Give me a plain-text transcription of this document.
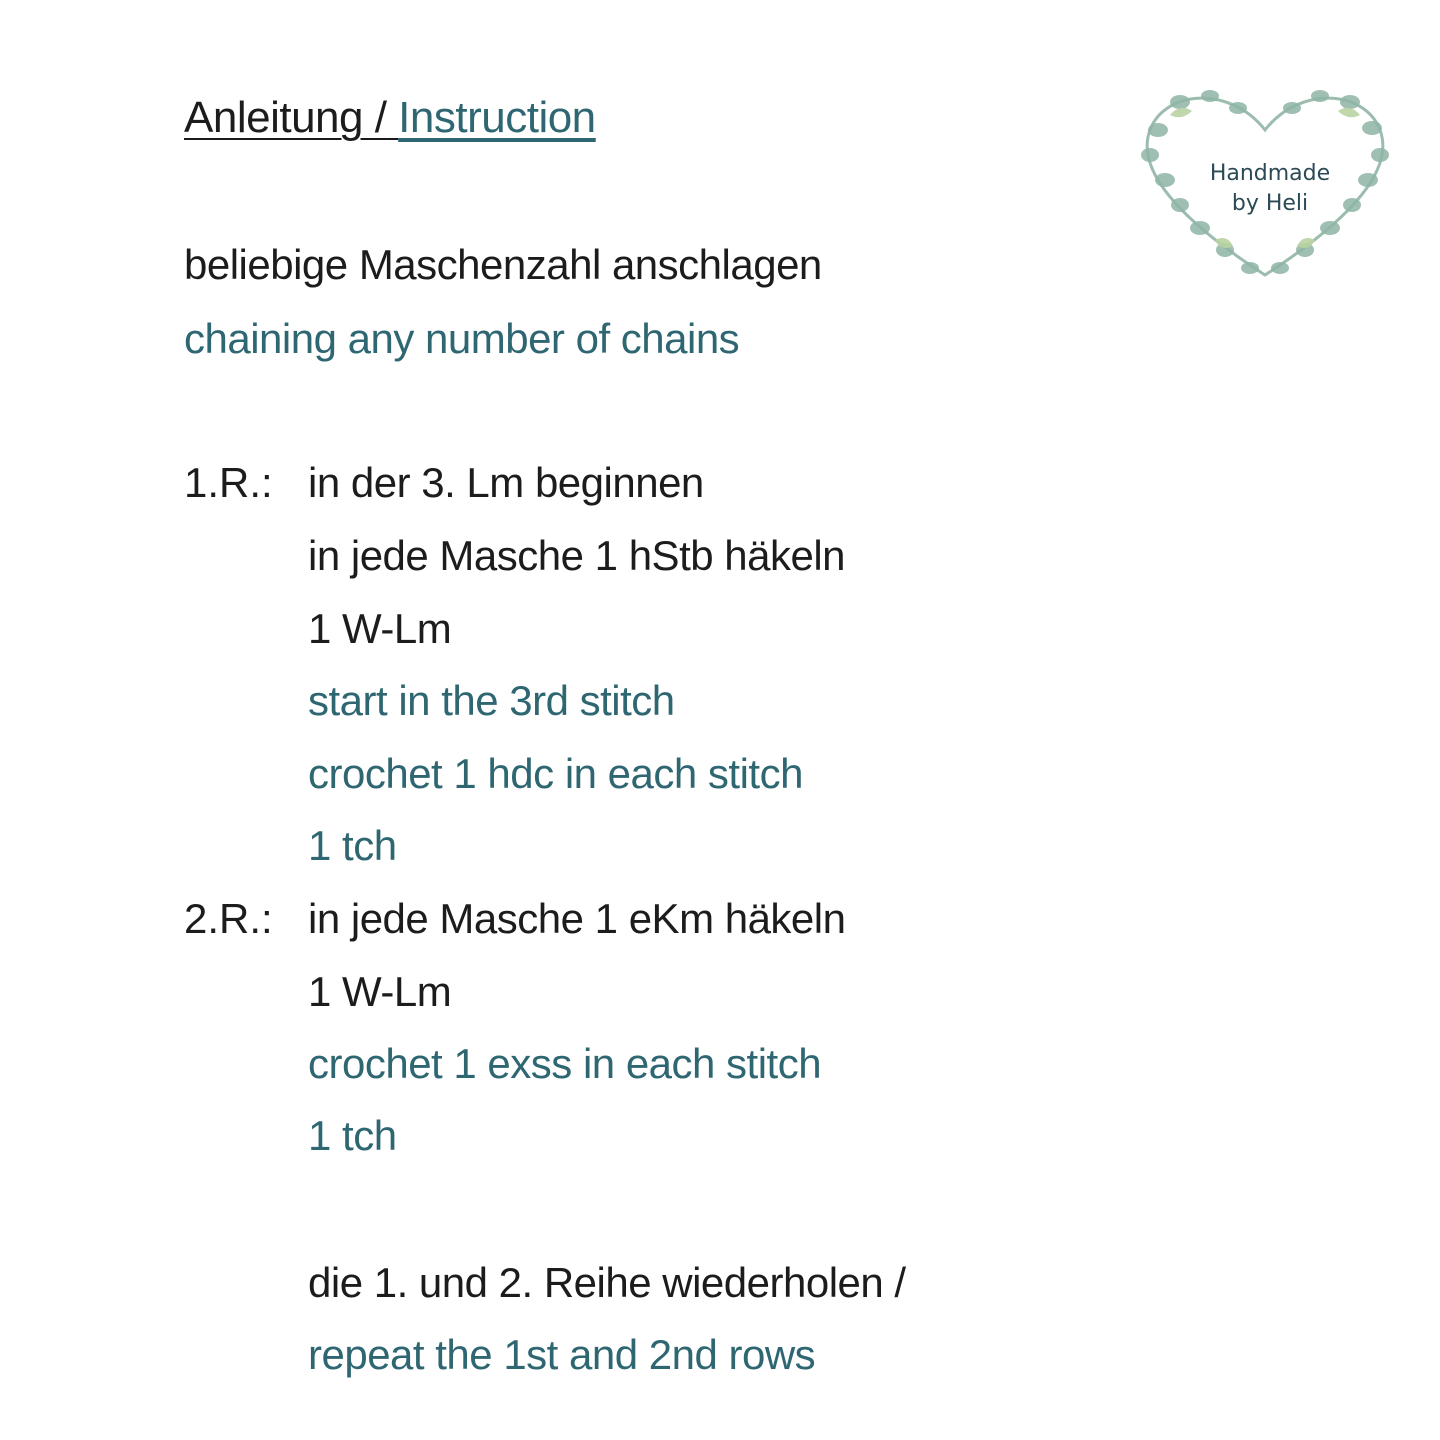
Anleitung / Instruction
Handmade
by Heli
beliebige Maschenzahl anschlagen
chaining any number of chains
1.R.: in der 3. Lm beginnen
in jede Masche 1 hStb häkeln
1 W-Lm
start in the 3rd stitch
crochet 1 hdc in each stitch
1 tch
2.R.: in jede Masche 1 eKm häkeln
1 W-Lm
crochet 1 exss in each stitch
1 tch
die 1. und 2. Reihe wiederholen /
repeat the 1st and 2nd rows
